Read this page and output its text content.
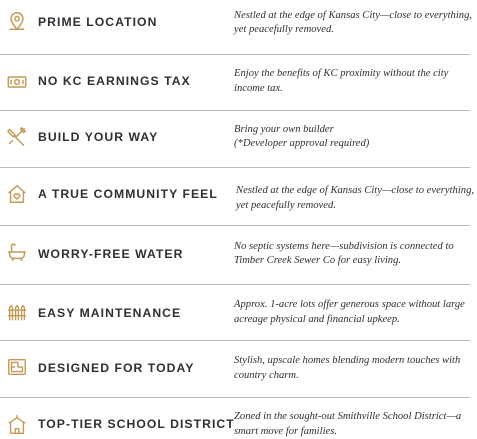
PRIME LOCATION	Nestled at the edge of Kansas City—close to everything,
yet peacefully removed.
NO KC EARNINGS TAX
Enjoy the benefits of KC proximity without the city
income tax.
BUILD YOUR WAY
Bring your own builder
(*Developer approval required)
A TRUE COMMUNITY FEEL Nestled at the edge of Kansas City—close to everything,
yet peacefully removed.
WORRY-FREE WATER
No septic systems here—subdivision is connected to
Timber Creek Sewer Co for easy living.
EASY MAINTENANCE
Approx. 1-acre lots offer generous space without large
acreage physical and financial upkeep.
DESIGNED FOR TODAY
Stylish, upscale homes blending modern touches with
country charm.
TOP-TIER SCHOOL DISTRICT
Zoned in the sought-out Smithville School District—a
smart move for families.
